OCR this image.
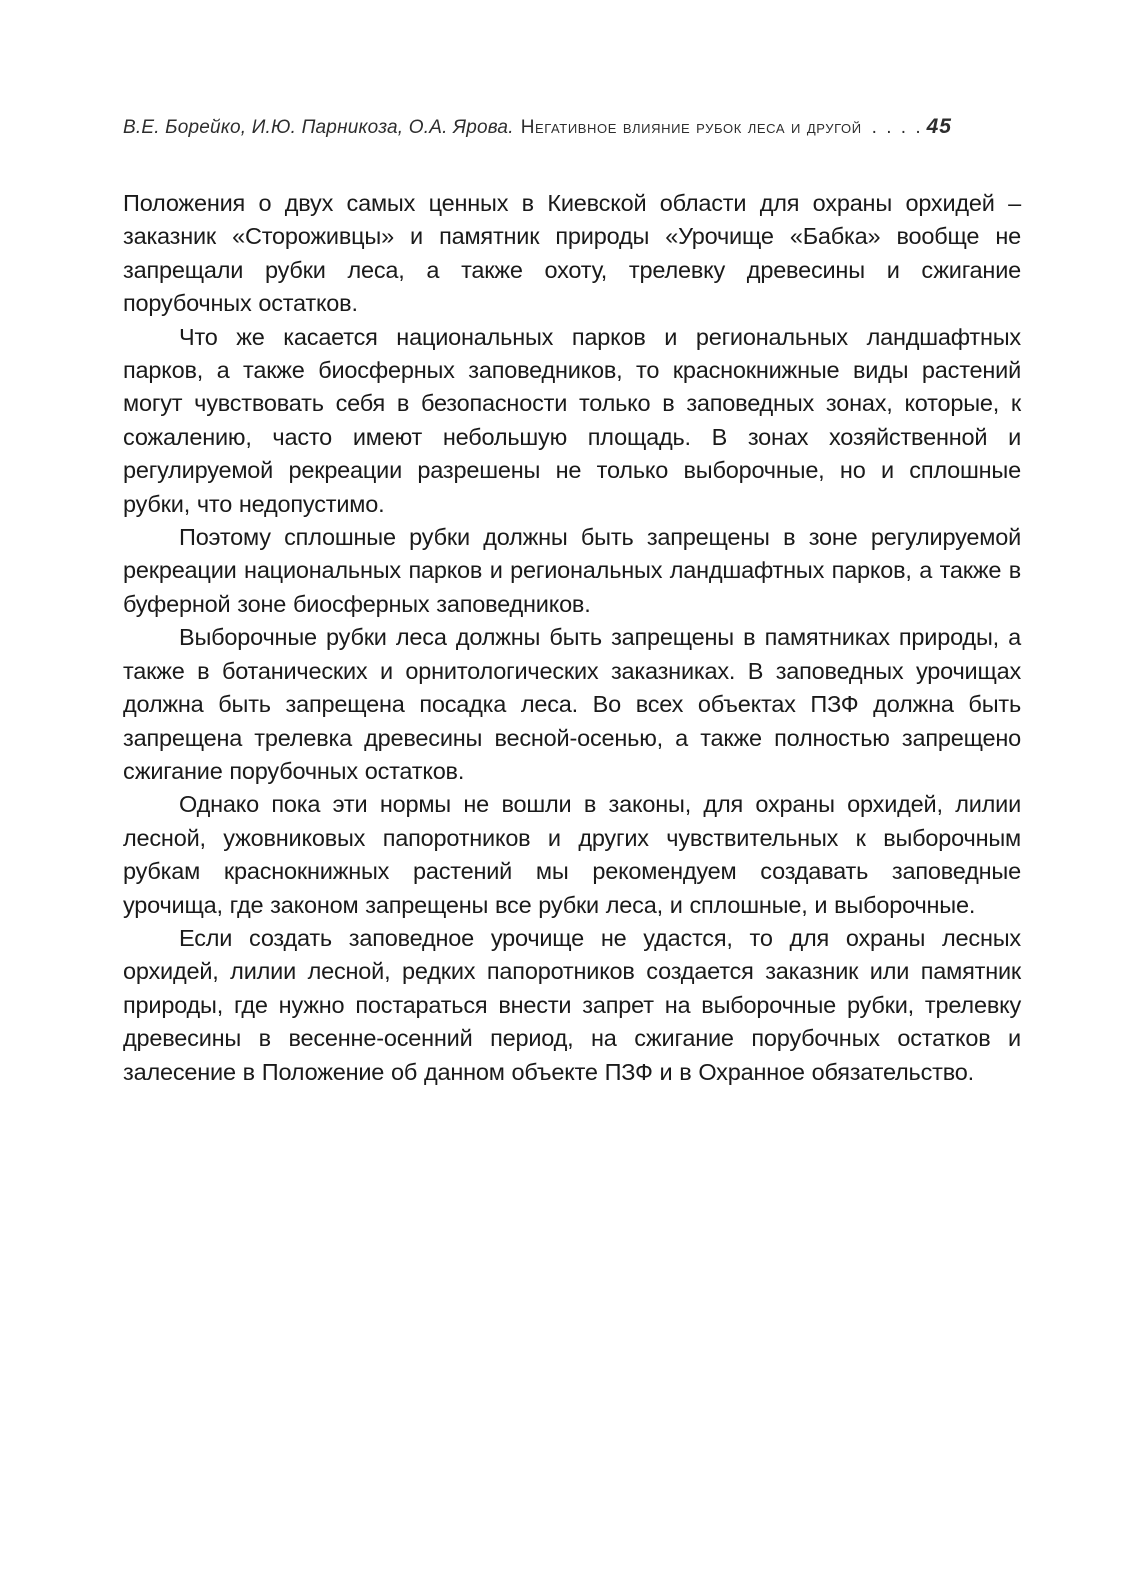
В.Е. Борейко, И.Ю. Парникоза, О.А. Ярова. Негативное влияние рубок леса и другой . . . . 45

Положения о двух самых ценных в Киевской области для охраны орхидей – заказник «Стороживцы» и памятник природы «Урочище «Бабка» вообще не запрещали рубки леса, а также охоту, трелевку древесины и сжигание порубочных остатков.

Что же касается национальных парков и региональных ландшафтных парков, а также биосферных заповедников, то краснокнижные виды растений могут чувствовать себя в безопасности только в заповедных зонах, которые, к сожалению, часто имеют небольшую площадь. В зонах хозяйственной и регулируемой рекреации разрешены не только выборочные, но и сплошные рубки, что недопустимо.

Поэтому сплошные рубки должны быть запрещены в зоне регулируемой рекреации национальных парков и региональных ландшафтных парков, а также в буферной зоне биосферных заповедников.

Выборочные рубки леса должны быть запрещены в памятниках природы, а также в ботанических и орнитологических заказниках. В заповедных урочищах должна быть запрещена посадка леса. Во всех объектах ПЗФ должна быть запрещена трелевка древесины весной-осенью, а также полностью запрещено сжигание порубочных остатков.

Однако пока эти нормы не вошли в законы, для охраны орхидей, лилии лесной, ужовниковых папоротников и других чувствительных к выборочным рубкам краснокнижных растений мы рекомендуем создавать заповедные урочища, где законом запрещены все рубки леса, и сплошные, и выборочные.

Если создать заповедное урочище не удастся, то для охраны лесных орхидей, лилии лесной, редких папоротников создается заказник или памятник природы, где нужно постараться внести запрет на выборочные рубки, трелевку древесины в весенне-осенний период, на сжигание порубочных остатков и залесение в Положение об данном объекте ПЗФ и в Охранное обязательство.
